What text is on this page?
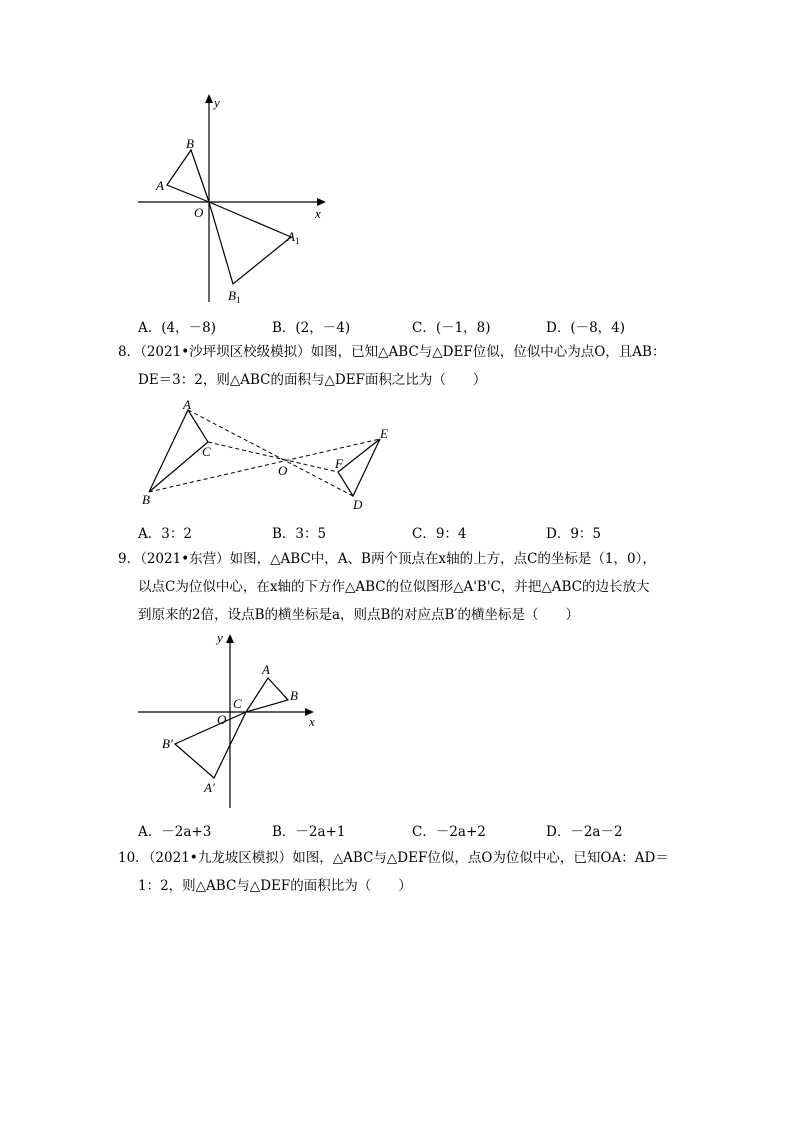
y
x
B
A
O
$A_1$
$B_1$
A．(4，－8)	B．(2，－4)	C．(－1，8)	D．(－8，4)
8．（2021•沙坪坝区校级模拟）如图，已知△ABC与△DEF位似，位似中心为点O，且AB：
DE＝3：2，则△ABC的面积与△DEF面积之比为（　　）
A
C
B
O	F
E
D
A．3：2	B．3：5	C．9：4	D．9：5
9．（2021•东营）如图，△ABC中，A、B两个顶点在x轴的上方，点C的坐标是（1，0），
以点C为位似中心，在x轴的下方作△ABC的位似图形△A'B'C，并把△ABC的边长放大
到原来的2倍，设点B的横坐标是a，则点B的对应点B′的横坐标是（　　）
y
x
A
B
C
O
B′
A′
A．－2a+3	B．－2a+1	C．－2a+2	D．－2a－2
10．（2021•九龙坡区模拟）如图，△ABC与△DEF位似，点O为位似中心，已知OA：AD＝
1：2，则△ABC与△DEF的面积比为（　　）
